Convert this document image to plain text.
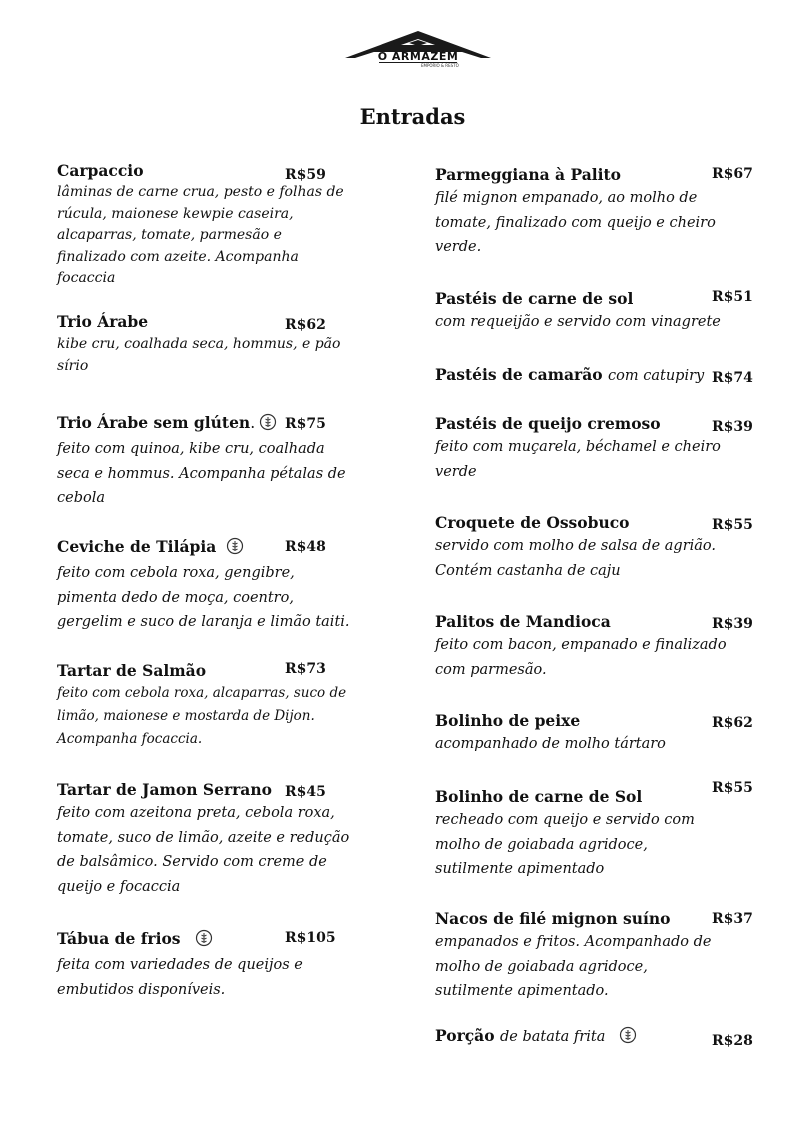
O ARMAZÉM
EMPÓRIO & RESTÔ
Entradas
Carpaccio
lâminas de carne crua, pesto e folhas de rúcula, maionese kewpie caseira, alcaparras, tomate, parmesão e finalizado com azeite. Acompanha focaccia
R$59
Trio Árabe
kibe cru, coalhada seca, hommus, e pão sírio
R$62
Trio Árabe sem glúten.
feito com quinoa, kibe cru, coalhada seca e hommus. Acompanha pétalas de cebola
R$75
Ceviche de Tilápia
feito com cebola roxa, gengibre, pimenta dedo de moça, coentro, gergelim e suco de laranja e limão taiti.
R$48
Tartar de Salmão
feito com cebola roxa, alcaparras, suco de limão, maionese e mostarda de Dijon. Acompanha focaccia.
R$73
Tartar de Jamon Serrano
feito com azeitona preta, cebola roxa, tomate, suco de limão, azeite e redução de balsâmico. Servido com creme de queijo e focaccia
R$45
Tábua de frios
feita com variedades de queijos e embutidos disponíveis.
R$105
Parmeggiana à Palito
filé mignon empanado, ao molho de tomate, finalizado com queijo e cheiro verde.
R$67
Pastéis de carne de sol
com requeijão e servido com vinagrete
R$51
Pastéis de camarão com catupiry R$74
Pastéis de queijo cremoso
feito com muçarela, béchamel e cheiro verde
R$39
Croquete de Ossobuco
servido com molho de salsa de agrião. Contém castanha de caju
R$55
Palitos de Mandioca
feito com bacon, empanado e finalizado com parmesão.
R$39
Bolinho de peixe
acompanhado de molho tártaro
R$62
Bolinho de carne de Sol
recheado com queijo e servido com molho de goiabada agridoce, sutilmente apimentado
R$55
Nacos de filé mignon suíno
empanados e fritos. Acompanhado de molho de goiabada agridoce, sutilmente apimentado.
R$37
Porção de batata frita	R$28
